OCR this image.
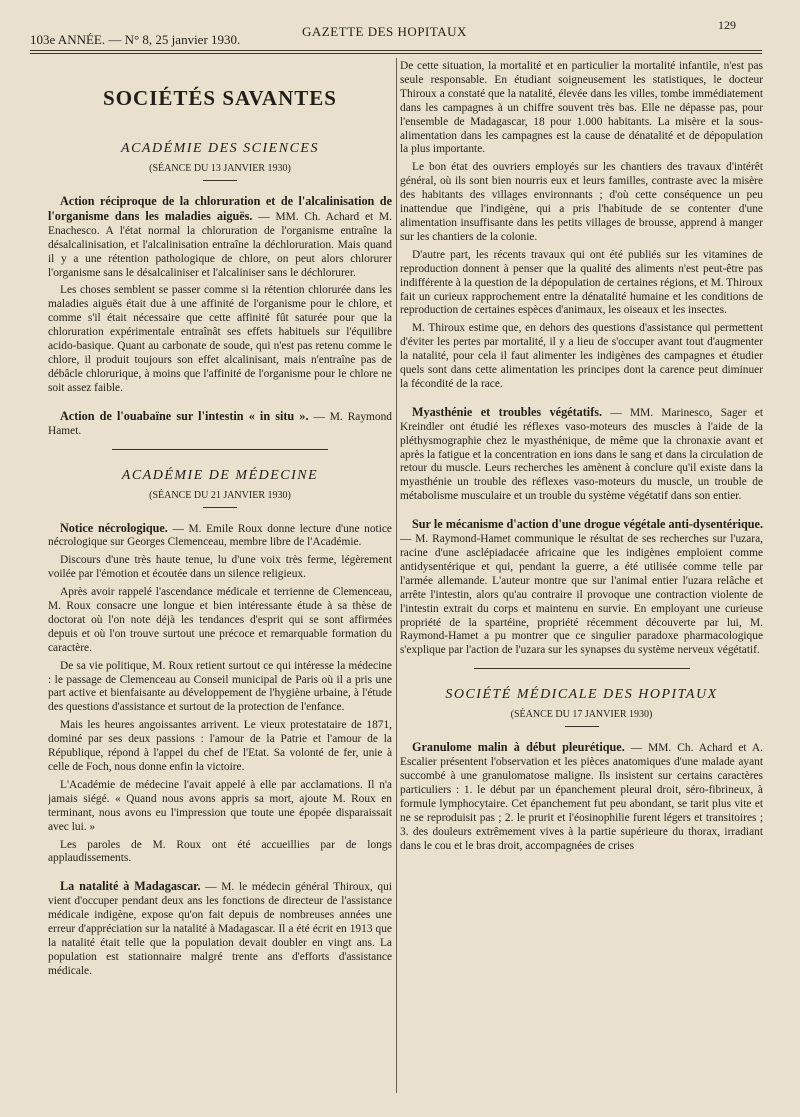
103e ANNÉE. — N° 8, 25 janvier 1930.
GAZETTE DES HOPITAUX	129
SOCIÉTÉS SAVANTES
ACADÉMIE DES SCIENCES
(SÉANCE DU 13 JANVIER 1930)

Action réciproque de la chloruration et de l'alcalinisation de l'organisme dans les maladies aiguës. — MM. Ch. Achard et M. Enachesco. A l'état normal la chloruration de l'organisme entraîne la désalcalinisation, et l'alcalinisation entraîne la déchloruration. Mais quand il y a une rétention pathologique de chlore, on peut alors chlorurer l'organisme sans le désalcaliniser et l'alcaliniser sans le déchlorurer.

Les choses semblent se passer comme si la rétention chlorurée dans les maladies aiguës était due à une affinité de l'organisme pour le chlore, et comme s'il était nécessaire que cette affinité fût saturée pour que la chloruration expérimentale entraînât ses effets habituels sur l'équilibre acido-basique. Quant au carbonate de soude, qui n'est pas retenu comme le chlore, il produit toujours son effet alcalinisant, mais n'entraîne pas de débâcle chlorurique, à moins que l'affinité de l'organisme pour le chlore ne soit assez faible.

Action de l'ouabaïne sur l'intestin « in situ ». — M. Raymond Hamet.

ACADÉMIE DE MÉDECINE
(SÉANCE DU 21 JANVIER 1930)

Notice nécrologique. — M. Emile Roux donne lecture d'une notice nécrologique sur Georges Clemenceau, membre libre de l'Académie.

Discours d'une très haute tenue, lu d'une voix très ferme, légèrement voilée par l'émotion et écoutée dans un silence religieux.

Après avoir rappelé l'ascendance médicale et terrienne de Clemenceau, M. Roux consacre une longue et bien intéressante étude à sa thèse de doctorat où l'on note déjà les tendances d'esprit qui se sont affirmées depuis et où l'on trouve surtout une précoce et remarquable formation du caractère.

De sa vie politique, M. Roux retient surtout ce qui intéresse la médecine : le passage de Clemenceau au Conseil municipal de Paris où il a pris une part active et bienfaisante au développement de l'hygiène urbaine, à l'étude des questions d'assistance et surtout de la protection de l'enfance.

Mais les heures angoissantes arrivent. Le vieux protestataire de 1871, dominé par ses deux passions : l'amour de la Patrie et l'amour de la République, répond à l'appel du chef de l'Etat. Sa volonté de fer, unie à celle de Foch, nous donne enfin la victoire.

L'Académie de médecine l'avait appelé à elle par acclamations. Il n'a jamais siégé. « Quand nous avons appris sa mort, ajoute M. Roux en terminant, nous avons eu l'impression que toute une épopée disparaissait avec lui. »

Les paroles de M. Roux ont été accueillies par de longs applaudissements.

La natalité à Madagascar. — M. le médecin général Thiroux, qui vient d'occuper pendant deux ans les fonctions de directeur de l'assistance médicale indigène, expose qu'on fait depuis de nombreuses années une erreur d'appréciation sur la natalité à Madagascar. Il a été écrit en 1913 que la natalité était telle que la population devait doubler en vingt ans. La population est stationnaire malgré trente ans d'efforts d'assistance médicale.

De cette situation, la mortalité et en particulier la mortalité infantile, n'est pas seule responsable. En étudiant soigneusement les statistiques, le docteur Thiroux a constaté que la natalité, élevée dans les villes, tombe immédiatement dans les campagnes à un chiffre souvent très bas. Elle ne dépasse pas, pour l'ensemble de Madagascar, 18 pour 1.000 habitants. La misère et la sous-alimentation dans les campagnes est la cause de dénatalité et de dépopulation la plus importante.

Le bon état des ouvriers employés sur les chantiers des travaux d'intérêt général, où ils sont bien nourris eux et leurs familles, contraste avec la misère des habitants des villages environnants ; d'où cette conséquence un peu inattendue que l'indigène, qui a pris l'habitude de se contenter d'une alimentation insuffisante dans les petits villages de brousse, apprend à manger sur les chantiers de la colonie.

D'autre part, les récents travaux qui ont été publiés sur les vitamines de reproduction donnent à penser que la qualité des aliments n'est peut-être pas indifférente à la question de la dépopulation de certaines régions, et M. Thiroux fait un curieux rapprochement entre la dénatalité humaine et les conditions de reproduction de certaines espèces d'animaux, les oiseaux et les insectes.

M. Thiroux estime que, en dehors des questions d'assistance qui permettent d'éviter les pertes par mortalité, il y a lieu de s'occuper avant tout d'augmenter la natalité, pour cela il faut alimenter les indigènes des campagnes et étudier quels sont dans cette alimentation les principes dont la carence peut diminuer la fécondité de la race.

Myasthénie et troubles végétatifs. — MM. Marinesco, Sager et Kreindler ont étudié les réflexes vaso-moteurs des muscles à l'aide de la pléthysmographie chez le myasthénique, de même que la chronaxie avant et après la fatigue et la concentration en ions dans le sang et dans la circulation de retour du muscle. Leurs recherches les amènent à conclure qu'il existe dans la myasthénie un trouble des réflexes vaso-moteurs du muscle, un trouble de métabolisme musculaire et un trouble du système végétatif dans son entier.

Sur le mécanisme d'action d'une drogue végétale anti-dysentérique. — M. Raymond-Hamet communique le résultat de ses recherches sur l'uzara, racine d'une asclépiadacée africaine que les indigènes emploient comme antidysentérique et qui, pendant la guerre, a été utilisée comme telle par l'armée allemande. L'auteur montre que sur l'animal entier l'uzara relâche et arrête l'intestin, alors qu'au contraire il provoque une contraction violente de l'intestin extrait du corps et maintenu en survie. En employant une curieuse propriété de la spartéine, propriété récemment découverte par lui, M. Raymond-Hamet a pu montrer que ce singulier paradoxe pharmacologique s'explique par l'action de l'uzara sur les synapses du système nerveux végétatif.

SOCIÉTÉ MÉDICALE DES HOPITAUX
(SÉANCE DU 17 JANVIER 1930)

Granulome malin à début pleurétique. — MM. Ch. Achard et A. Escalier présentent l'observation et les pièces anatomiques d'une malade ayant succombé à une granulomatose maligne. Ils insistent sur certains caractères particuliers : 1. le début par un épanchement pleural droit, séro-fibrineux, à formule lymphocytaire. Cet épanchement fut peu abondant, se tarit plus vite et ne se reproduisit pas ; 2. le prurit et l'éosinophilie furent légers et transitoires ; 3. des douleurs extrêmement vives à la partie supérieure du thorax, irradiant dans le cou et le bras droit, accompagnées de crises
